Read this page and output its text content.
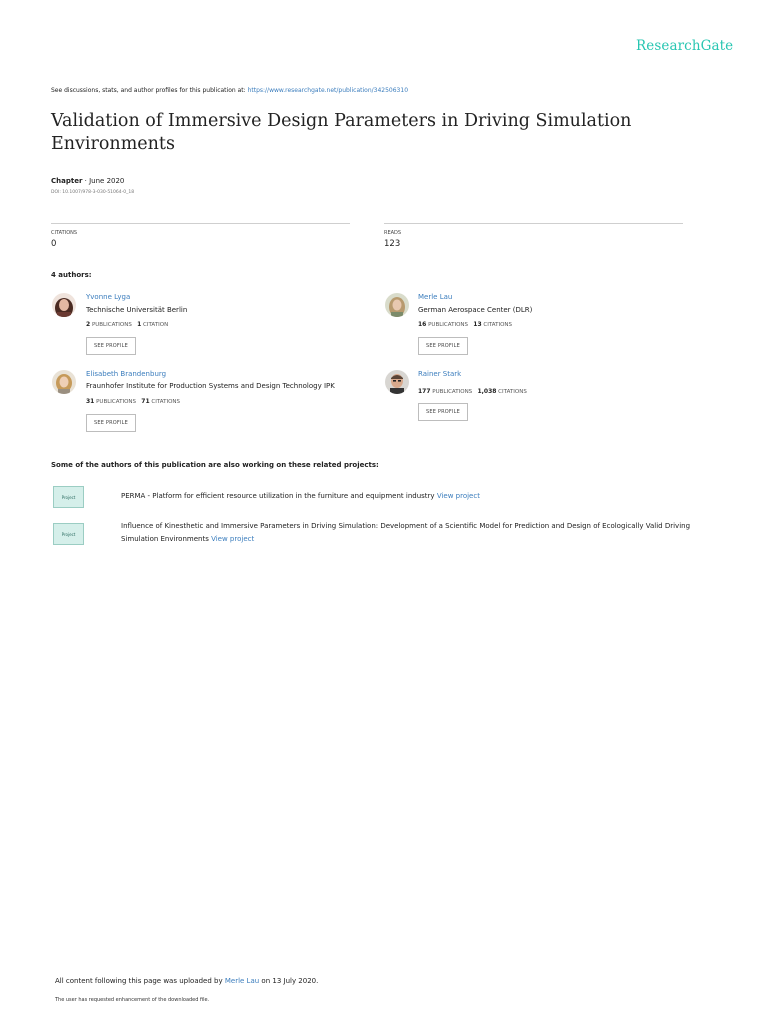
ResearchGate
See discussions, stats, and author profiles for this publication at: https://www.researchgate.net/publication/342506310
Validation of Immersive Design Parameters in Driving Simulation Environments
Chapter · June 2020
DOI: 10.1007/978-3-030-51064-0_18
CITATIONS
0
READS
123
4 authors:
Yvonne Lyga
Technische Universität Berlin
2 PUBLICATIONS 1 CITATION
SEE PROFILE
Merle Lau
German Aerospace Center (DLR)
16 PUBLICATIONS 13 CITATIONS
SEE PROFILE
Elisabeth Brandenburg
Fraunhofer Institute for Production Systems and Design Technology IPK
31 PUBLICATIONS 71 CITATIONS
SEE PROFILE
Rainer Stark
177 PUBLICATIONS 1,038 CITATIONS
SEE PROFILE
Some of the authors of this publication are also working on these related projects:
Project	PERMA - Platform for efficient resource utilization in the furniture and equipment industry View project
Project
Influence of Kinesthetic and Immersive Parameters in Driving Simulation: Development of a Scientific Model for Prediction and Design of Ecologically Valid Driving Simulation Environments View project
All content following this page was uploaded by Merle Lau on 13 July 2020.
The user has requested enhancement of the downloaded file.
